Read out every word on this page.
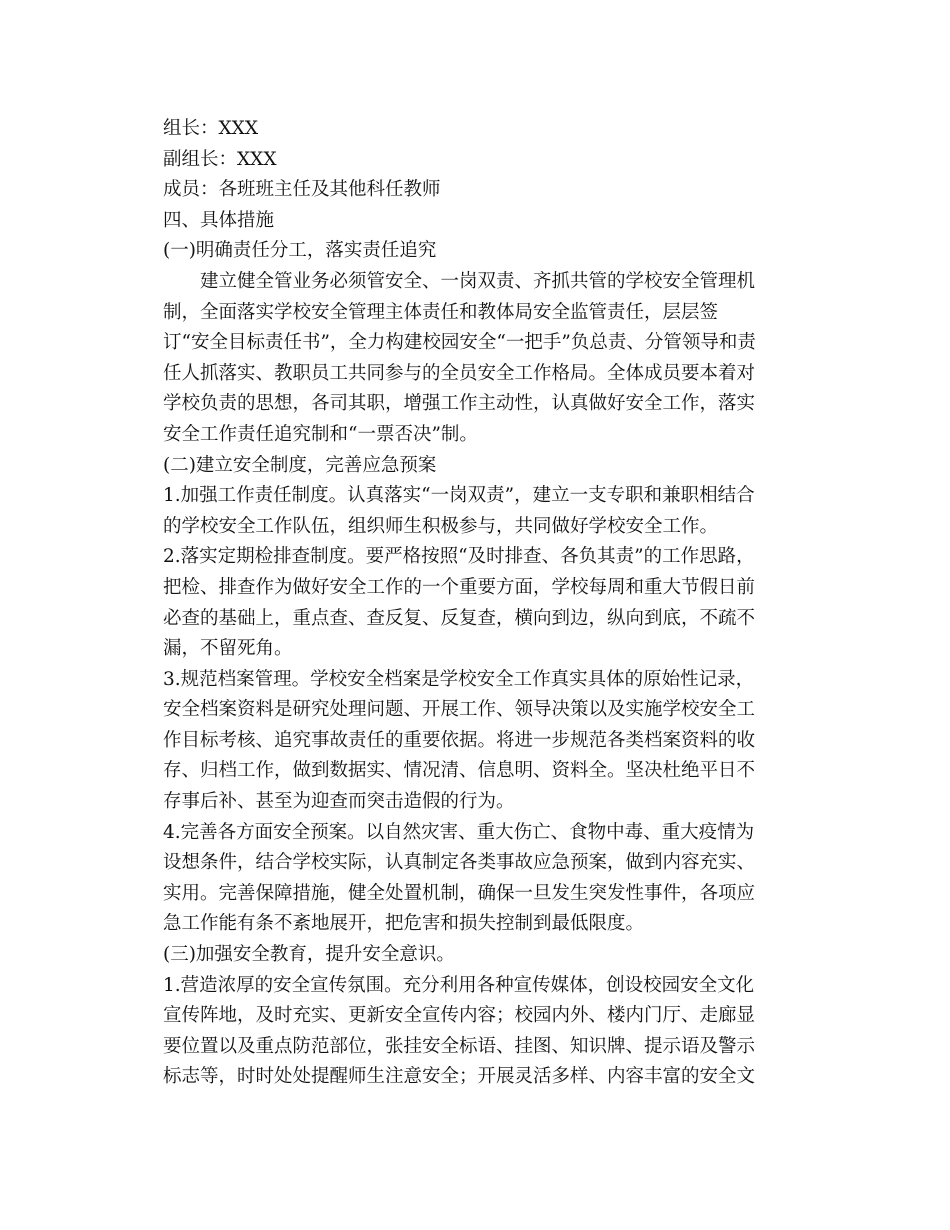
组长：XXX
副组长：XXX
成员：各班班主任及其他科任教师
四、具体措施
(一)明确责任分工，落实责任追究
建立健全管业务必须管安全、一岗双责、齐抓共管的学校安全管理机
制，全面落实学校安全管理主体责任和教体局安全监管责任，层层签
订“安全目标责任书”，全力构建校园安全“一把手”负总责、分管领导和责
任人抓落实、教职员工共同参与的全员安全工作格局。全体成员要本着对
学校负责的思想，各司其职，增强工作主动性，认真做好安全工作，落实
安全工作责任追究制和“一票否决”制。
(二)建立安全制度，完善应急预案
1.加强工作责任制度。认真落实“一岗双责”，建立一支专职和兼职相结合
的学校安全工作队伍，组织师生积极参与，共同做好学校安全工作。
2.落实定期检排查制度。要严格按照“及时排查、各负其责”的工作思路，
把检、排查作为做好安全工作的一个重要方面，学校每周和重大节假日前
必查的基础上，重点查、查反复、反复查，横向到边，纵向到底，不疏不
漏，不留死角。
3.规范档案管理。学校安全档案是学校安全工作真实具体的原始性记录，
安全档案资料是研究处理问题、开展工作、领导决策以及实施学校安全工
作目标考核、追究事故责任的重要依据。将进一步规范各类档案资料的收
存、归档工作，做到数据实、情况清、信息明、资料全。坚决杜绝平日不
存事后补、甚至为迎查而突击造假的行为。
4.完善各方面安全预案。以自然灾害、重大伤亡、食物中毒、重大疫情为
设想条件，结合学校实际，认真制定各类事故应急预案，做到内容充实、
实用。完善保障措施，健全处置机制，确保一旦发生突发性事件，各项应
急工作能有条不紊地展开，把危害和损失控制到最低限度。
(三)加强安全教育，提升安全意识。
1.营造浓厚的安全宣传氛围。充分利用各种宣传媒体，创设校园安全文化
宣传阵地，及时充实、更新安全宣传内容；校园内外、楼内门厅、走廊显
要位置以及重点防范部位，张挂安全标语、挂图、知识牌、提示语及警示
标志等，时时处处提醒师生注意安全；开展灵活多样、内容丰富的安全文
